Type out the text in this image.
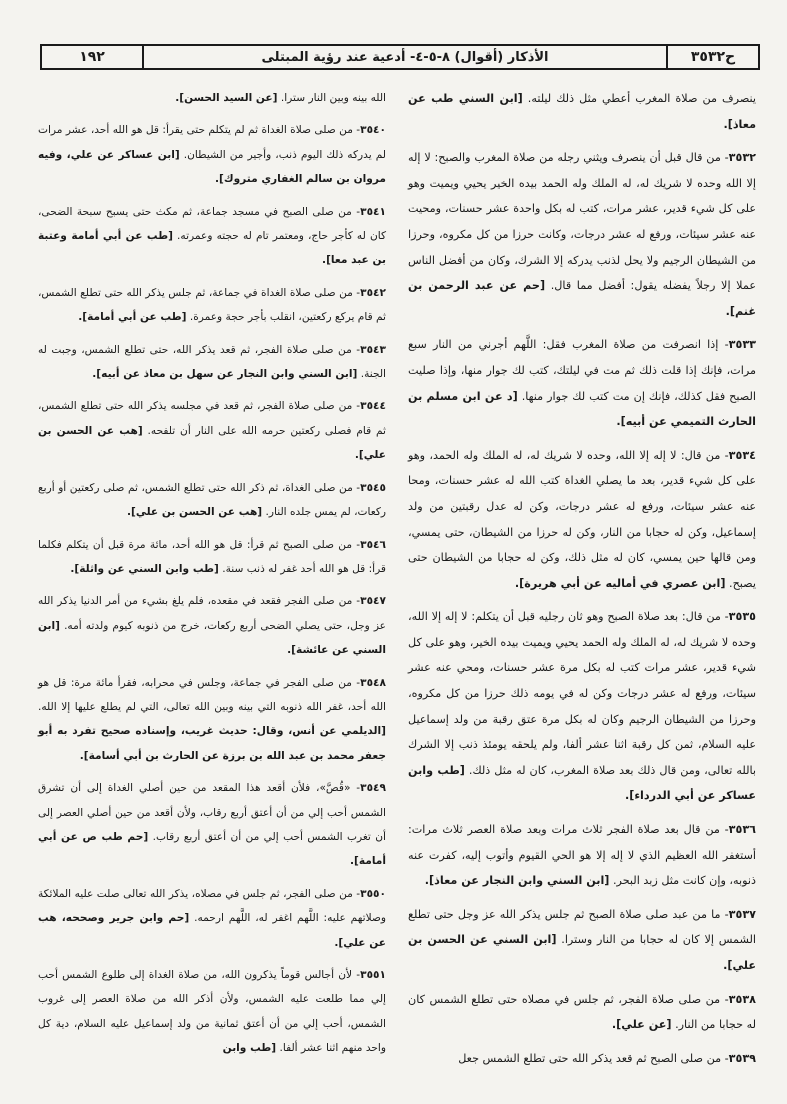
ح٣٥٣٢
الأذكار (أقوال) ٨-٥-٤- أدعية عند رؤية المبتلى
١٩٢

ينصرف من صلاة المغرب أعطي مثل ذلك ليلته. [ابن السني طب عن معاذ].

٣٥٣٢- من قال قبل أن ينصرف ويثني رجله من صلاة المغرب والصبح: لا إله إلا الله وحده لا شريك له، له الملك وله الحمد بيده الخير يحيي ويميت وهو على كل شيء قدير، عشر مرات، كتب له بكل واحدة عشر حسنات، ومحيت عنه عشر سيئات، ورفع له عشر درجات، وكانت حرزا من كل مكروه، وحرزا من الشيطان الرجيم ولا يحل لذنب يدركه إلا الشرك، وكان من أفضل الناس عملا إلا رجلاً يفضله يقول: أفضل مما قال. [حم عن عبد الرحمن بن غنم].

٣٥٣٣- إذا انصرفت من صلاة المغرب فقل: اللَّهم أجرني من النار سبع مرات، فإنك إذا قلت ذلك ثم مت في ليلتك، كتب لك جوار منها، وإذا صليت الصبح فقل كذلك، فإنك إن مت كتب لك جوار منها. [د عن ابن مسلم بن الحارث التميمي عن أبيه].

٣٥٣٤- من قال: لا إله إلا الله، وحده لا شريك له، له الملك وله الحمد، وهو على كل شيء قدير، بعد ما يصلي الغداة كتب الله له عشر حسنات، ومحا عنه عشر سيئات، ورفع له عشر درجات، وكن له عدل رقبتين من ولد إسماعيل، وكن له حجابا من النار، وكن له حرزا من الشيطان، حتى يمسي، ومن قالها حين يمسي، كان له مثل ذلك، وكن له حجابا من الشيطان حتى يصبح. [ابن عصري في أماليه عن أبي هريرة].

٣٥٣٥- من قال: بعد صلاة الصبح وهو ثان رجليه قبل أن يتكلم: لا إله إلا الله، وحده لا شريك له، له الملك وله الحمد يحيي ويميت بيده الخير، وهو على كل شيء قدير، عشر مرات كتب له بكل مرة عشر حسنات، ومحي عنه عشر سيئات، ورفع له عشر درجات وكن له في يومه ذلك حرزا من كل مكروه، وحرزا من الشيطان الرجيم وكان له بكل مرة عتق رقبة من ولد إسماعيل عليه السلام، ثمن كل رقبة اثنا عشر ألفا، ولم يلحقه يومئذ ذنب إلا الشرك بالله تعالى، ومن قال ذلك بعد صلاة المغرب، كان له مثل ذلك. [طب وابن عساكر عن أبي الدرداء].

٣٥٣٦- من قال بعد صلاة الفجر ثلاث مرات وبعد صلاة العصر ثلاث مرات: أستغفر الله العظيم الذي لا إله إلا هو الحي القيوم وأتوب إليه، كفرت عنه ذنوبه، وإن كانت مثل زبد البحر. [ابن السني وابن النجار عن معاذ].

٣٥٣٧- ما من عبد صلى صلاة الصبح ثم جلس يذكر الله عز وجل حتى تطلع الشمس إلا كان له حجابا من النار وسترا. [ابن السني عن الحسن بن علي].

٣٥٣٨- من صلى صلاة الفجر، ثم جلس في مصلاه حتى تطلع الشمس كان له حجابا من النار. [عن علي].

٣٥٣٩- من صلى الصبح ثم قعد يذكر الله حتى تطلع الشمس جعل

الله بينه وبين النار سترا. [عن السيد الحسن].

٣٥٤٠- من صلى صلاة الغداة ثم لم يتكلم حتى يقرأ: قل هو الله أحد، عشر مرات لم يدركه ذلك اليوم ذنب، وأجير من الشيطان. [ابن عساكر عن علي، وفيه مروان بن سالم الغفاري متروك].

٣٥٤١- من صلى الصبح في مسجد جماعة، ثم مكث حتى يسبح سبحة الضحى، كان له كأجر حاج، ومعتمر تام له حجته وعمرته. [طب عن أبي أمامة وعتبة بن عبد معا].

٣٥٤٢- من صلى صلاة الغداة في جماعة، ثم جلس يذكر الله حتى تطلع الشمس، ثم قام يركع ركعتين، انقلب بأجر حجة وعمرة. [طب عن أبي أمامة].

٣٥٤٣- من صلى صلاة الفجر، ثم قعد يذكر الله، حتى تطلع الشمس، وجبت له الجنة. [ابن السني وابن النجار عن سهل بن معاذ عن أبيه].

٣٥٤٤- من صلى صلاة الفجر، ثم قعد في مجلسه يذكر الله حتى تطلع الشمس، ثم قام فصلى ركعتين حرمه الله على النار أن تلفحه. [هب عن الحسن بن علي].

٣٥٤٥- من صلى الغداة، ثم ذكر الله حتى تطلع الشمس، ثم صلى ركعتين أو أربع ركعات، لم يمس جلده النار. [هب عن الحسن بن علي].

٣٥٤٦- من صلى الصبح ثم قرأ: قل هو الله أحد، مائة مرة قبل أن يتكلم فكلما قرأ: قل هو الله أحد غفر له ذنب سنة. [طب وابن السني عن واثلة].

٣٥٤٧- من صلى الفجر فقعد في مقعده، فلم يلغ بشيء من أمر الدنيا يذكر الله عز وجل، حتى يصلي الضحى أربع ركعات، خرج من ذنوبه كيوم ولدته أمه. [ابن السني عن عائشة].

٣٥٤٨- من صلى الفجر في جماعة، وجلس في محرابه، فقرأ مائة مرة: قل هو الله أحد، غفر الله ذنوبه التي بينه وبين الله تعالى، التي لم يطلع عليها إلا الله. [الديلمي عن أنس، وقال: حديث غريب، وإسناده صحيح تفرد به أبو جعفر محمد بن عبد الله بن برزة عن الحارث بن أبي أسامة].

٣٥٤٩- «قُصَّ»، فلأن أقعد هذا المقعد من حين أصلي الغداة إلى أن تشرق الشمس أحب إلي من أن أعتق أربع رقاب، ولأن أقعد من حين أصلي العصر إلى أن تغرب الشمس أحب إلي من أن أعتق أربع رقاب. [حم طب ص عن أبي أمامة].

٣٥٥٠- من صلى الفجر، ثم جلس في مصلاه، يذكر الله تعالى صلت عليه الملائكة وصلاتهم عليه: اللَّهم اغفر له، اللَّهم ارحمه. [حم وابن جرير وصححه، هب عن علي].

٣٥٥١- لأن أجالس قوماً يذكرون الله، من صلاة الغداة إلى طلوع الشمس أحب إلي مما طلعت عليه الشمس، ولأن أذكر الله من صلاة العصر إلى غروب الشمس، أحب إلي من أن أعتق ثمانية من ولد إسماعيل عليه السلام، دية كل واحد منهم اثنا عشر ألفا. [طب وابن
